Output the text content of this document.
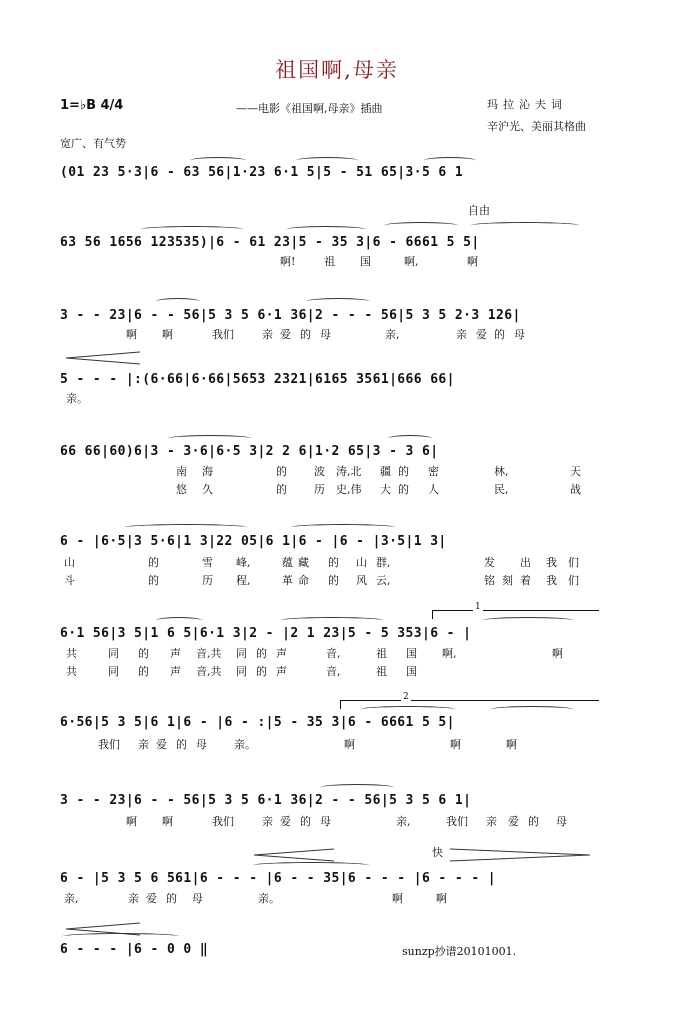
祖国啊,母亲
1=♭B 4/4	——电影《祖国啊,母亲》插曲	玛拉沁夫词
辛沪光、美丽其格曲
宽广、有气势
(01 23 5·3|6 - 63 56|1·23 6·1 5|5 - 51 65|3·5 6 1
63 56 1656 123535)|6 - 61 23|5 - 35 3|6 - 6661 5 5|
3 - - 23|6 - - 56|5 3 5 6·1 36|2 - - - 56|5 3 5 2·3 126|
5 - - - |:(6·66|6·66|5653 2321|6165 3561|666 66|
66 66|60)6|3 - 3·6|6·5 3|2 2 6|1·2 65|3 - 3 6|
6 - |6·5|3 5·6|1 3|22 05|6 1|6 - |6 - |3·5|1 3|
6·1 56|3 5|1 6 5|6·1 3|2 - |2 1 23|5 - 5 353|6 - |
6·56|5 3 5|6 1|6 - |6 - :|5 - 35 3|6 - 6661 5 5|
3 - - 23|6 - - 56|5 3 5 6·1 36|2 - - 56|5 3 5 6 1|
6 - |5 3 5 6 561|6 - - - |6 - - 35|6 - - - |6 - - - |
6 - - - |6 - 0 0 ‖
啊!	祖 国	啊,	啊
啊 啊	我们	亲 爱 的 母	亲,	亲 爱 的 母
亲。
南 海	的 波 涛,北 疆 的 密	林,	天
悠 久	的 历 史,伟 大 的 人	民,	战
山	的	雪 峰,	蕴 藏 的 山 群,	发 出 我 们
斗	的	历 程,	革 命 的 风 云,	铭 刻 着 我 们
共	同 的 声 音,共 同 的 声	音,	祖 国 啊,	啊
共	同 的 声 音,共 同 的 声	音,	祖 国
我们 亲 爱 的 母 亲。	啊	啊	啊
啊 啊	我们	亲 爱 的 母	亲,	我们 亲 爱 的 母
亲,	亲 爱 的 母	亲。	啊	啊
自由
快
1
2
sunzp抄谱20101001.
